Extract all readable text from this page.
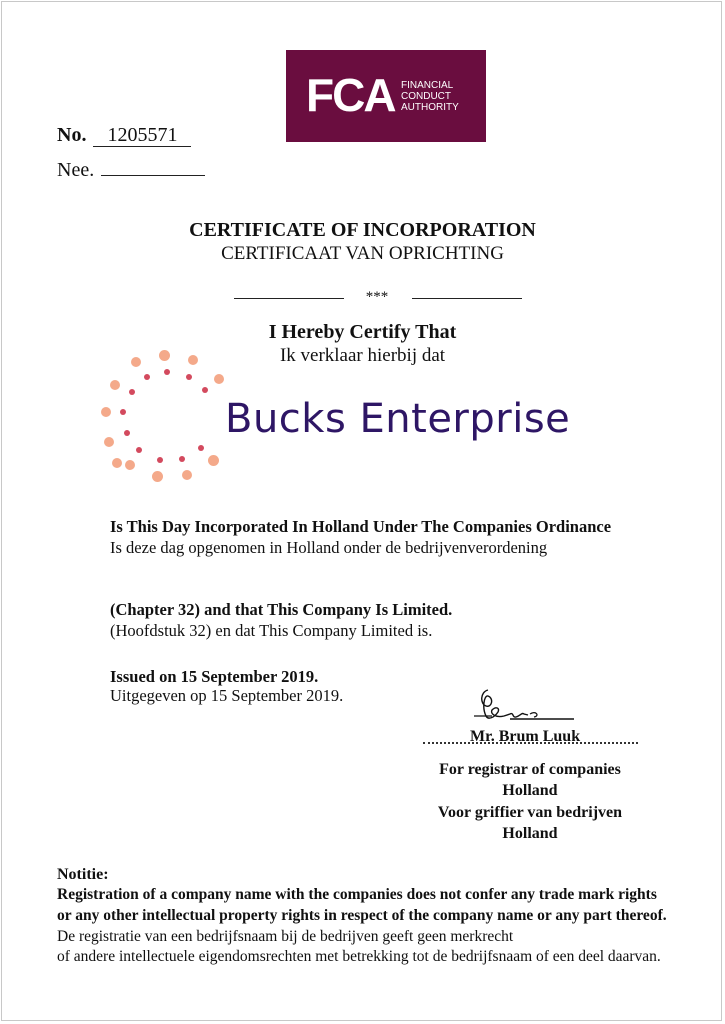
FCA FINANCIAL
CONDUCT
AUTHORITY
No. 1205571
Nee.
CERTIFICATE OF INCORPORATION
CERTIFICAAT VAN OPRICHTING
***
I Hereby Certify That
Ik verklaar hierbij dat
Bucks Enterprise
Is This Day Incorporated In Holland Under The Companies Ordinance
Is deze dag opgenomen in Holland onder de bedrijvenverordening
(Chapter 32) and that This Company Is Limited.
(Hoofdstuk 32) en dat This Company Limited is.
Issued on 15 September 2019.
Uitgegeven op 15 September 2019.
Mr. Brum Luuk
For registrar of companies
Holland
Voor griffier van bedrijven
Holland
Notitie:
Registration of a company name with the companies does not confer any trade mark rights
or any other intellectual property rights in respect of the company name or any part thereof.
De registratie van een bedrijfsnaam bij de bedrijven geeft geen merkrecht
of andere intellectuele eigendomsrechten met betrekking tot de bedrijfsnaam of een deel daarvan.
